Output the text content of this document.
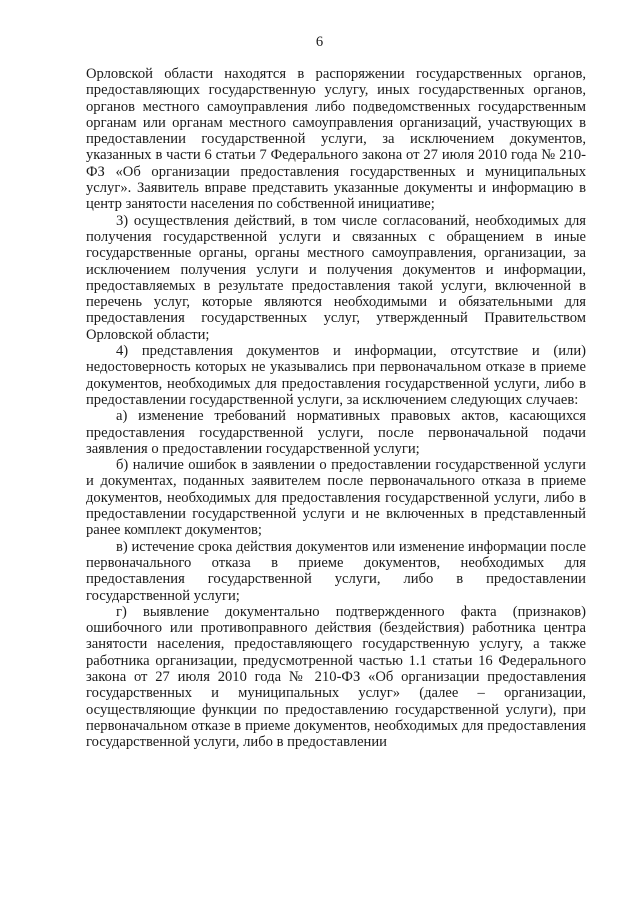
6

Орловской области находятся в распоряжении государственных органов, предоставляющих государственную услугу, иных государственных органов, органов местного самоуправления либо подведомственных государственным органам или органам местного самоуправления организаций, участвующих в предоставлении государственной услуги, за исключением документов, указанных в части 6 статьи 7 Федерального закона от 27 июля 2010 года № 210-ФЗ «Об организации предоставления государственных и муниципальных услуг». Заявитель вправе представить указанные документы и информацию в центр занятости населения по собственной инициативе;

3) осуществления действий, в том числе согласований, необходимых для получения государственной услуги и связанных с обращением в иные государственные органы, органы местного самоуправления, организации, за исключением получения услуги и получения документов и информации, предоставляемых в результате предоставления такой услуги, включенной в перечень услуг, которые являются необходимыми и обязательными для предоставления государственных услуг, утвержденный Правительством Орловской области;

4) представления документов и информации, отсутствие и (или) недостоверность которых не указывались при первоначальном отказе в приеме документов, необходимых для предоставления государственной услуги, либо в предоставлении государственной услуги, за исключением следующих случаев:

а) изменение требований нормативных правовых актов, касающихся предоставления государственной услуги, после первоначальной подачи заявления о предоставлении государственной услуги;

б) наличие ошибок в заявлении о предоставлении государственной услуги и документах, поданных заявителем после первоначального отказа в приеме документов, необходимых для предоставления государственной услуги, либо в предоставлении государственной услуги и не включенных в представленный ранее комплект документов;

в) истечение срока действия документов или изменение информации после первоначального отказа в приеме документов, необходимых для предоставления государственной услуги, либо в предоставлении государственной услуги;

г) выявление документально подтвержденного факта (признаков) ошибочного или противоправного действия (бездействия) работника центра занятости населения, предоставляющего государственную услугу, а также работника организации, предусмотренной частью 1.1 статьи 16 Федерального закона от 27 июля 2010 года № 210-ФЗ «Об организации предоставления государственных и муниципальных услуг» (далее – организации, осуществляющие функции по предоставлению государственной услуги), при первоначальном отказе в приеме документов, необходимых для предоставления государственной услуги, либо в предоставлении
